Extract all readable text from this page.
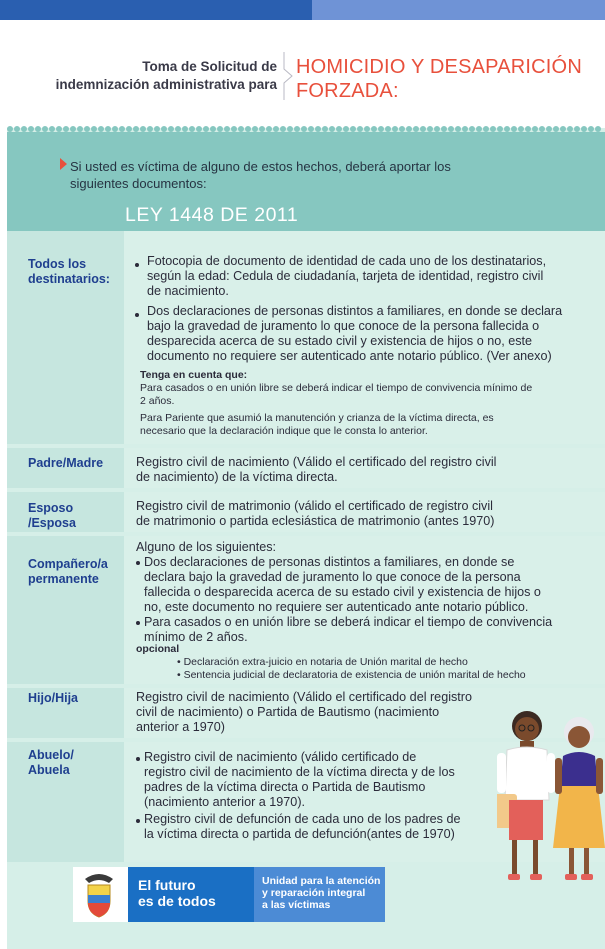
Toma de Solicitud de
indemnización administrativa para
HOMICIDIO Y DESAPARICIÓN
FORZADA:
Si usted es víctima de alguno de estos hechos, deberá aportar los
siguientes documentos:
LEY 1448 DE 2011
Todos los
destinatarios:
Fotocopia de documento de identidad de cada uno de los destinatarios,
según la edad: Cedula de ciudadanía, tarjeta de identidad, registro civil
de nacimiento.
Dos declaraciones de personas distintos a familiares, en donde se declara
bajo la gravedad de juramento lo que conoce de la persona fallecida o
desparecida acerca de su estado civil y existencia de hijos o no, este
documento no requiere ser autenticado ante notario público. (Ver anexo)
Tenga en cuenta que:
Para casados o en unión libre se deberá indicar el tiempo de convivencia mínimo de
2 años.
Para Pariente que asumió la manutención y crianza de la víctima directa, es
necesario que la declaración indique que le consta lo anterior.
Padre/Madre	Registro civil de nacimiento (Válido el certificado del registro civil
de nacimiento) de la víctima directa.
Esposo
/Esposa
Registro civil de matrimonio (válido el certificado de registro civil
de matrimonio o partida eclesiástica de matrimonio (antes 1970)
Compañero/a
permanente
Alguno de los siguientes:
Dos declaraciones de personas distintos a familiares, en donde se
declara bajo la gravedad de juramento lo que conoce de la persona
fallecida o desparecida acerca de su estado civil y existencia de hijos o
no, este documento no requiere ser autenticado ante notario público.
Para casados o en unión libre se deberá indicar el tiempo de convivencia
mínimo de 2 años.
opcional
• Declaración extra-juicio en notaria de Unión marital de hecho
• Sentencia judicial de declaratoria de existencia de unión marital de hecho
Hijo/Hija	Registro civil de nacimiento (Válido el certificado del registro
civil de nacimiento) o Partida de Bautismo (nacimiento
anterior a 1970)
Abuelo/
Abuela
Registro civil de nacimiento (válido certificado de
registro civil de nacimiento de la víctima directa y de los
padres de la víctima directa o Partida de Bautismo
(nacimiento anterior a 1970).
Registro civil de defunción de cada uno de los padres de
la víctima directa o partida de defunción(antes de 1970)
El futuro
es de todos
Unidad para la atención
y reparación integral
a las víctimas
